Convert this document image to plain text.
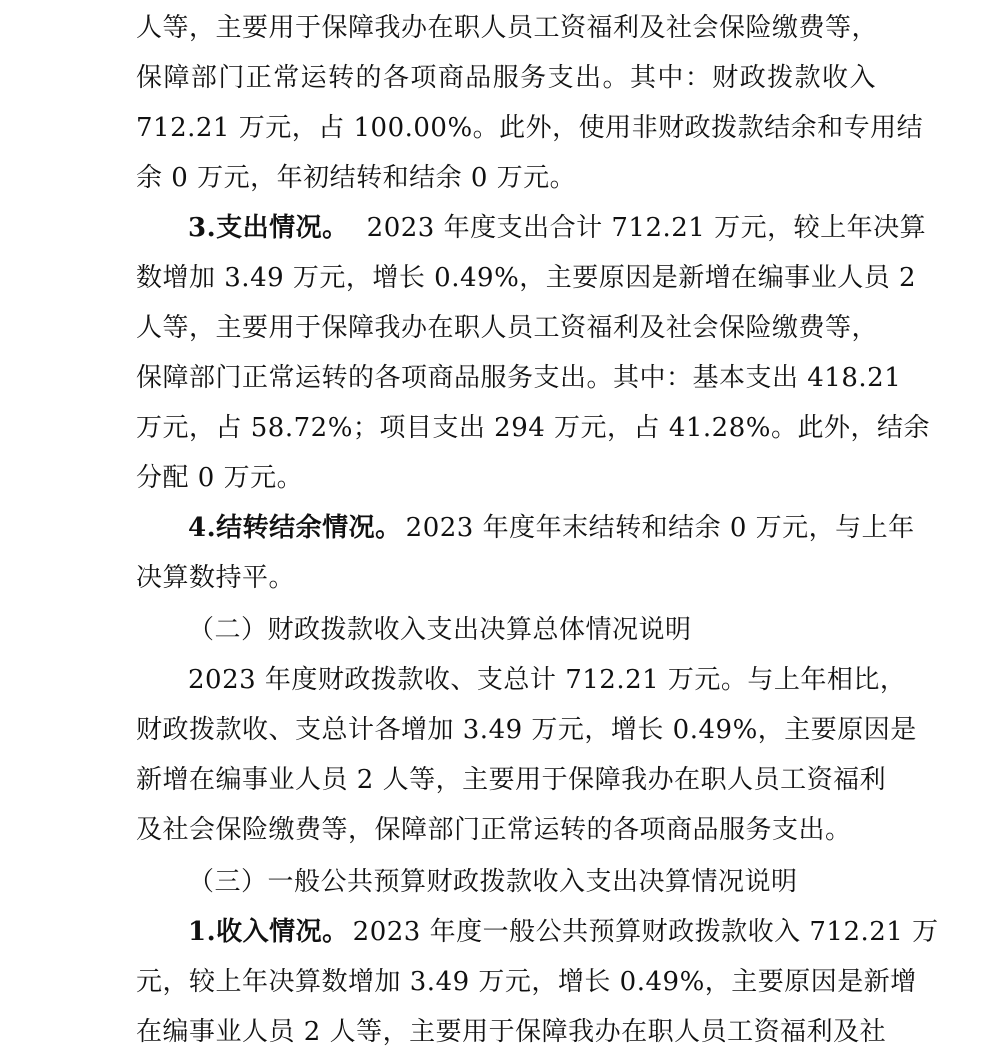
人等，主要用于保障我办在职人员工资福利及社会保险缴费等，
保障部门正常运转的各项商品服务支出。其中：财政拨款收入
712.21 万元，占 100.00%。此外，使用非财政拨款结余和专用结
余 0 万元，年初结转和结余 0 万元。
3.支出情况。 2023 年度支出合计 712.21 万元，较上年决算
数增加 3.49 万元，增长 0.49%，主要原因是新增在编事业人员 2
人等，主要用于保障我办在职人员工资福利及社会保险缴费等，
保障部门正常运转的各项商品服务支出。其中：基本支出 418.21
万元，占 58.72%；项目支出 294 万元，占 41.28%。此外，结余
分配 0 万元。
4.结转结余情况。 2023 年度年末结转和结余 0 万元，与上年
决算数持平。
（二）财政拨款收入支出决算总体情况说明
2023 年度财政拨款收、支总计 712.21 万元。与上年相比，
财政拨款收、支总计各增加 3.49 万元，增长 0.49%，主要原因是
新增在编事业人员 2 人等，主要用于保障我办在职人员工资福利
及社会保险缴费等，保障部门正常运转的各项商品服务支出。
（三）一般公共预算财政拨款收入支出决算情况说明
1.收入情况。 2023 年度一般公共预算财政拨款收入 712.21 万
元，较上年决算数增加 3.49 万元，增长 0.49%，主要原因是新增
在编事业人员 2 人等，主要用于保障我办在职人员工资福利及社
